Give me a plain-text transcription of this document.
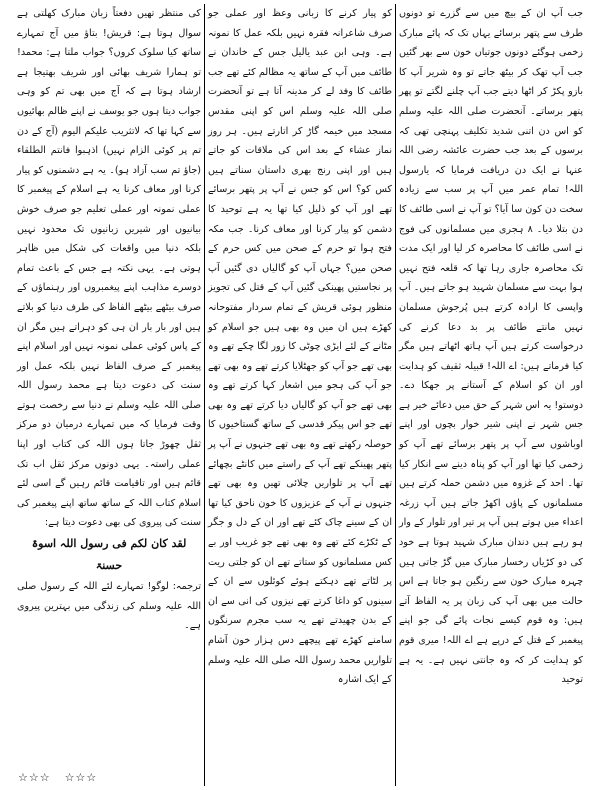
جب آپ ان کے بیچ میں سے گزرے تو دونوں طرف سے پتھر برسائے یہاں تک کہ پائے مبارک زخمی ہوگئے دونوں جوتیاں خون سے بھر گئیں جب آپ تھک کر بیٹھ جاتے تو وہ شریر آپ کا بازو پکڑ کر اٹھا دیتے جب آپ چلنے لگتے تو پھر پتھر برساتے۔ آنحضرت صلی اللہ علیہ وسلم کو اس دن اتنی شدید تکلیف پہنچی تھی کہ برسوں کے بعد جب حضرت عائشہ رضی اللہ عنہا نے ایک دن دریافت فرمایا کہ یارسول اللہ! تمام عمر میں آپ پر سب سے زیادہ سخت دن کون سا آیا؟ تو آپ نے اسی طائف کا دن بتلا دیا۔ ۸ ہجری میں مسلمانوں کی فوج نے اسی طائف کا محاصرہ کر لیا اور ایک مدت تک محاصرہ جاری رہا تھا کہ قلعہ فتح نہیں ہوا بہت سے مسلمان شہید ہو جاتے ہیں۔ آپ واپسی کا ارادہ کرتے ہیں پُرجوش مسلمان نہیں مانتے طائف پر بد دعا کرنے کی درخواست کرتے ہیں آپ ہاتھ اٹھاتے ہیں مگر کیا فرماتے ہیں: اے اللہ! قبیلہ ثقیف کو ہدایت اور ان کو اسلام کے آستانے پر جھکا دے۔ دوستو! یہ اس شہر کے حق میں دعائے خیر ہے جس شہر نے اپنی شیر خوار بچوں اور اپنے اوباشوں سے آپ پر پتھر برسائے تھے آپ کو زخمی کیا تھا اور آپ کو پناہ دینے سے انکار کیا تھا۔ احد کے غزوہ میں دشمن حملہ کرتے ہیں مسلمانوں کے پاؤں اکھڑ جاتے ہیں آپ زرغہ اعداء میں ہوتے ہیں آپ پر تیر اور تلوار کے وار ہو رہے ہیں دندان مبارک شہید ہوتا ہے خود کی دو کڑیاں رخسار مبارک میں گڑ جاتی ہیں چہرہ مبارک خون سے رنگین ہو جاتا ہے اس حالت میں بھی آپ کی زبان پر یہ الفاظ آتے ہیں: وہ قوم کیسے نجات پائے گی جو اپنے پیغمبر کے قتل کے درپے ہے اے اللہ! میری قوم کو ہدایت کر کہ وہ جانتی نہیں ہے۔ یہ ہے توحید

کو پیار کرنے کا زبانی وعظ اور عملی جو صرف شاعرانہ فقرہ نہیں بلکہ عمل کا نمونہ ہے۔ وہی ابن عبد یالیل جس کے خاندان نے طائف میں آپ کے ساتھ یہ مظالم کئے تھے جب طائف کا وفد لے کر مدینہ آتا ہے تو آنحضرت صلی اللہ علیہ وسلم اس کو اپنی مقدس مسجد میں خیمہ گاڑ کر اتارتے ہیں۔ ہر روز نماز عشاء کے بعد اس کی ملاقات کو جاتے ہیں اور اپنی رنج بھری داستان سناتے ہیں کس کو؟ اس کو جس نے آپ پر پتھر برسائے تھے اور آپ کو ذلیل کیا تھا یہ ہے توحید کا دشمن کو پیار کرنا اور معاف کرنا۔ جب مکہ فتح ہوا تو حرم کے صحن میں کس حرم کے صحن میں؟ جہاں آپ کو گالیاں دی گئیں آپ پر نجاستیں پھینکی گئیں آپ کے قتل کی تجویز منظور ہوئی قریش کے تمام سردار مفتوحانہ کھڑے ہیں ان میں وہ بھی ہیں جو اسلام کو مٹانے کے لئے ایڑی چوٹی کا زور لگا چکے تھے وہ بھی تھے جو آپ کو جھٹلایا کرتے تھے وہ بھی تھے جو آپ کی ہجو میں اشعار کہا کرتے تھے وہ بھی تھے جو آپ کو گالیاں دیا کرتے تھے وہ بھی تھے جو اس پیکر قدسی کے ساتھ گستاخیوں کا حوصلہ رکھتے تھے وہ بھی تھے جنہوں نے آپ پر پتھر پھینکے تھے آپ کے راستے میں کانٹے بچھائے تھے آپ پر تلواریں چلائی تھیں وہ بھی تھے جنہوں نے آپ کے عزیزوں کا خون ناحق کیا تھا ان کے سینے چاک کئے تھے اور ان کے دل و جگر کے ٹکڑے کئے تھے وہ بھی تھے جو غریب اور بے کس مسلمانوں کو ستاتے تھے ان کو جلتی ریت پر لٹاتے تھے دہکتے ہوئے کوئلوں سے ان کے سینوں کو داغا کرتے تھے نیزوں کی انی سے ان کے بدن چھیدتے تھے یہ سب مجرم سرنگوں سامنے کھڑے تھے پیچھے دس ہزار خون آشام تلواریں محمد رسول اللہ صلی اللہ علیہ وسلم کے ایک اشارہ

کی منتظر تھیں دفعتاً زبان مبارک کھلتی ہے سوال ہوتا ہے: قریش! بتاؤ میں آج تمہارے ساتھ کیا سلوک کروں؟ جواب ملتا ہے: محمد! تو ہمارا شریف بھائی اور شریف بھتیجا ہے ارشاد ہوتا ہے کہ آج میں بھی تم کو وہی جواب دیتا ہوں جو یوسف نے اپنے ظالم بھائیوں سے کہا تھا کہ لاتثریب علیکم الیوم (آج کے دن تم پر کوئی الزام نہیں) اذہبوا فانتم الطلقاء (جاؤ تم سب آزاد ہو)۔ یہ ہے دشمنوں کو پیار کرنا اور معاف کرنا یہ ہے اسلام کے پیغمبر کا عملی نمونہ اور عملی تعلیم جو صرف خوش بیانیوں اور شیریں زبانیوں تک محدود نہیں بلکہ دنیا میں واقعات کی شکل میں ظاہر ہوتی ہے۔ یہی نکتہ ہے جس کے باعث تمام دوسرے مذاہب اپنے پیغمبروں اور رہنماؤں کے صرف بیٹھے بیٹھے الفاظ کی طرف دنیا کو بلاتے ہیں اور بار بار ان ہی کو دہراتے ہیں مگر ان کے پاس کوئی عملی نمونہ نہیں اور اسلام اپنے پیغمبر کے صرف الفاظ نہیں بلکہ عمل اور سنت کی دعوت دیتا ہے محمد رسول اللہ صلی اللہ علیہ وسلم نے دنیا سے رخصت ہوتے وقت فرمایا کہ میں تمہارے درمیان دو مرکز ثقل چھوڑ جاتا ہوں اللہ کی کتاب اور اپنا عملی راستہ۔ یہی دونوں مرکز ثقل اب تک قائم ہیں اور تاقیامت قائم رہیں گے اسی لئے اسلام کتاب اللہ کے ساتھ ساتھ اپنے پیغمبر کی سنت کی پیروی کی بھی دعوت دیتا ہے:

لقد کان لکم فی رسول اللہ اسوۃ حسنۃ

ترجمہ: لوگو! تمہارے لئے اللہ کے رسول صلی اللہ علیہ وسلم کی زندگی میں بہترین پیروی ہے۔

☆☆☆ ☆☆☆
